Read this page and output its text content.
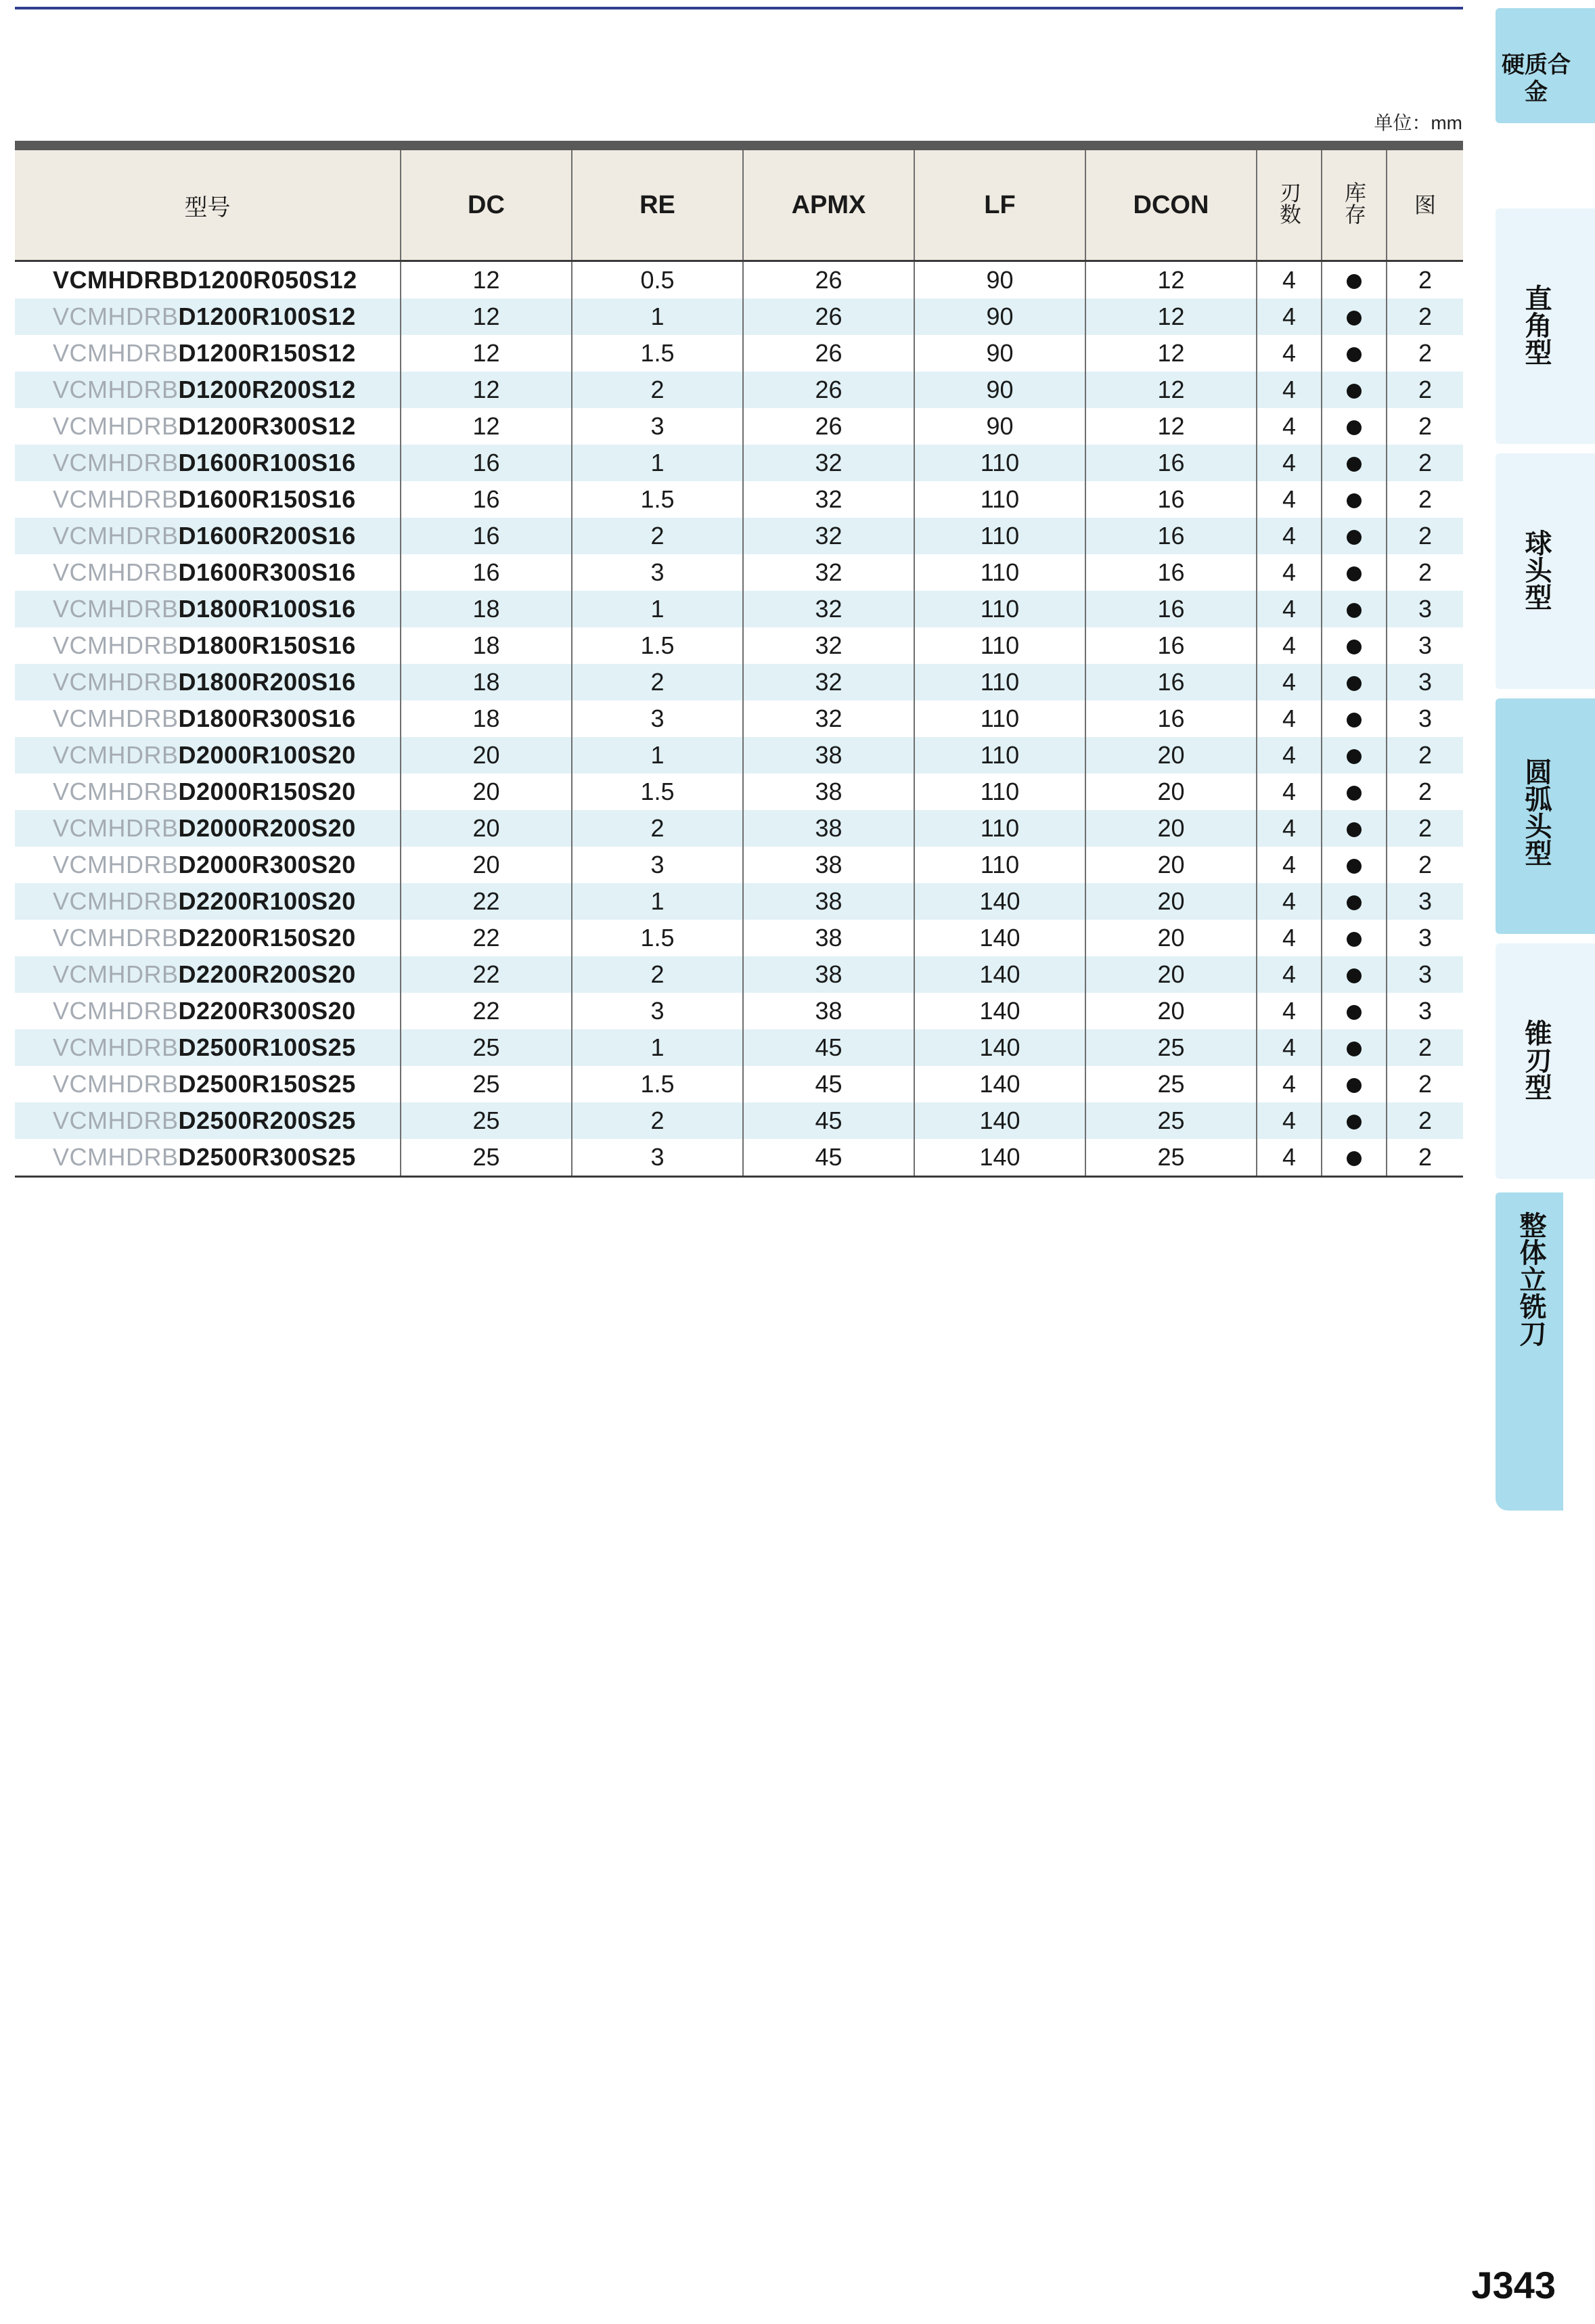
单位：mm
型号	DC	RE	APMX	LF	DCON	刃数	库存	图
VCMHDRBD1200R050S12	12	0.5	26	90	12	4		2
VCMHDRBD1200R100S12	12	1	26	90	12	4		2
VCMHDRBD1200R150S12	12	1.5	26	90	12	4		2
VCMHDRBD1200R200S12	12	2	26	90	12	4		2
VCMHDRBD1200R300S12	12	3	26	90	12	4		2
VCMHDRBD1600R100S16	16	1	32	110	16	4		2
VCMHDRBD1600R150S16	16	1.5	32	110	16	4		2
VCMHDRBD1600R200S16	16	2	32	110	16	4		2
VCMHDRBD1600R300S16	16	3	32	110	16	4		2
VCMHDRBD1800R100S16	18	1	32	110	16	4		3
VCMHDRBD1800R150S16	18	1.5	32	110	16	4		3
VCMHDRBD1800R200S16	18	2	32	110	16	4		3
VCMHDRBD1800R300S16	18	3	32	110	16	4		3
VCMHDRBD2000R100S20	20	1	38	110	20	4		2
VCMHDRBD2000R150S20	20	1.5	38	110	20	4		2
VCMHDRBD2000R200S20	20	2	38	110	20	4		2
VCMHDRBD2000R300S20	20	3	38	110	20	4		2
VCMHDRBD2200R100S20	22	1	38	140	20	4		3
VCMHDRBD2200R150S20	22	1.5	38	140	20	4		3
VCMHDRBD2200R200S20	22	2	38	140	20	4		3
VCMHDRBD2200R300S20	22	3	38	140	20	4		3
VCMHDRBD2500R100S25	25	1	45	140	25	4		2
VCMHDRBD2500R150S25	25	1.5	45	140	25	4		2
VCMHDRBD2500R200S25	25	2	45	140	25	4		2
VCMHDRBD2500R300S25	25	3	45	140	25	4		2
硬质合金
直角型
球头型
圆弧头型
锥刃型
整体立铣刀
J343
